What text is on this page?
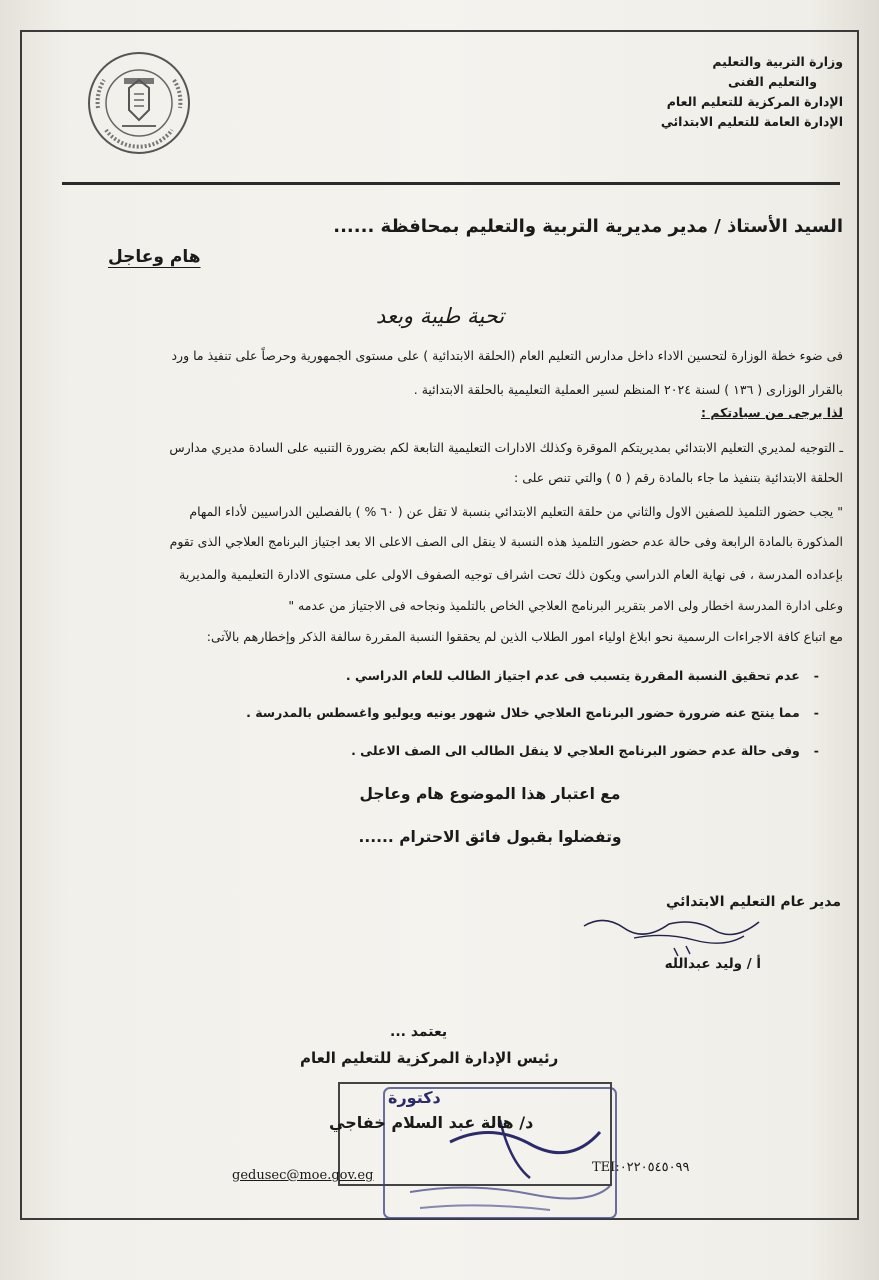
وزارة التربية والتعليم
والتعليم الفنى
الإدارة المركزية للتعليم العام
الإدارة العامة للتعليم الابتدائي
السيد الأستاذ / مدير مديرية التربية والتعليم بمحافظة ......
هام وعاجل
تحية طيبة وبعد
فى ضوء خطة الوزارة لتحسين الاداء داخل مدارس التعليم العام (الحلقة الابتدائية ) على مستوى الجمهورية وحرصاً على تنفيذ ما ورد
بالقرار الوزارى ( ١٣٦ ) لسنة ٢٠٢٤ المنظم لسير العملية التعليمية بالحلقة الابتدائية .
لذا يرجى من سيادتكم :
ـ التوجيه لمديري التعليم الابتدائي بمديريتكم الموقرة وكذلك الادارات التعليمية التابعة لكم بضرورة التنبيه على السادة مديري مدارس
الحلقة الابتدائية بتنفيذ ما جاء بالمادة رقم ( ٥ ) والتي تنص على :
" يجب حضور التلميذ للصفين الاول والثاني من حلقة التعليم الابتدائي بنسبة لا تقل عن ( ٦٠ % ) بالفصلين الدراسيين لأداء المهام
المذكورة بالمادة الرابعة وفى حالة عدم حضور التلميذ هذه النسبة لا ينقل الى الصف الاعلى الا بعد اجتياز البرنامج العلاجي الذى تقوم
بإعداده المدرسة ، فى نهاية العام الدراسي ويكون ذلك تحت اشراف توجيه الصفوف الاولى على مستوى الادارة التعليمية والمديرية
وعلى ادارة المدرسة اخطار ولى الامر بتقرير البرنامج العلاجي الخاص بالتلميذ ونجاحه فى الاجتياز من عدمه "
مع اتباع كافة الاجراءات الرسمية نحو ابلاغ اولياء امور الطلاب الذين لم يحققوا النسبة المقررة سالفة الذكر وإخطارهم بالآتى:
-عدم تحقيق النسبة المقررة يتسبب فى عدم اجتياز الطالب للعام الدراسي .
-مما ينتج عنه ضرورة حضور البرنامج العلاجي خلال شهور يونيه ويوليو واغسطس بالمدرسة .
-وفى حالة عدم حضور البرنامج العلاجي لا ينقل الطالب الى الصف الاعلى .
مع اعتبار هذا الموضوع هام وعاجل
وتفضلوا بقبول فائق الاحترام ......
مدير عام التعليم الابتدائي
أ / وليد عبدالله
يعتمد ...
رئيس الإدارة المركزية للتعليم العام
دكتورة
د/ هالة عبد السلام خفاجي
gedusec@moe.gov.eg
TEI:٠٢٢٠٥٤٥٠٩٩
